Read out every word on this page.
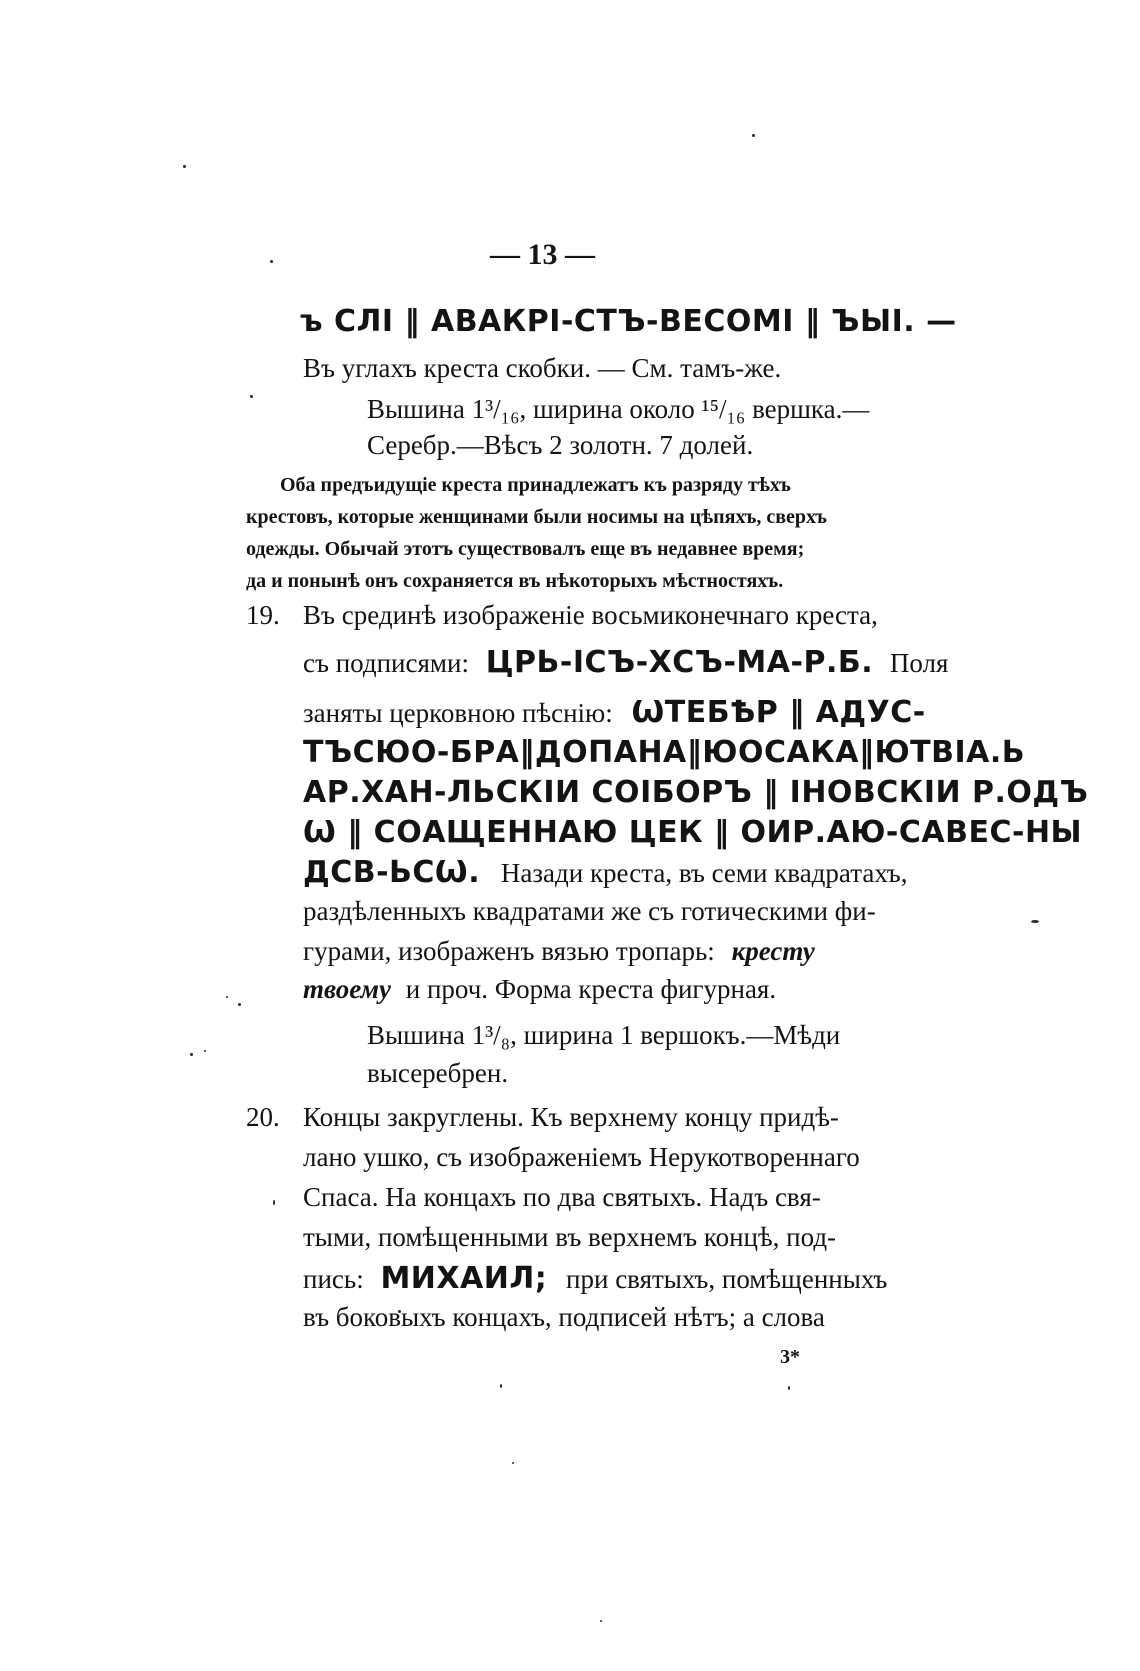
— 13 —
ъ СЛI ‖ АВАКРI-СТЪ-ВЕСОМI ‖ ЪЫI. —
Въ углахъ креста скобки. — См. тамъ-же.
Вышина 1³/₁₆, ширина около ¹⁵/₁₆ вершка.—
Серебр.—Вѣсъ 2 золотн. 7 долей.
Оба предъидущіе креста принадлежатъ къ разряду тѣхъ
крестовъ, которые женщинами были носимы на цѣпяхъ, сверхъ
одежды. Обычай этотъ существовалъ еще въ недавнее время;
да и понынѣ онъ сохраняется въ нѣкоторыхъ мѣстностяхъ.
19. Въ срединѣ изображеніе восьмиконечнаго креста,
съ подписями: ЦРЬ-IСЪ-ХСЪ-МА-Р.Б. Поля
заняты церковною пѣснію: ѠТЕБѢР ‖ АДУС-
ТЪСЮО-БРА‖ДОПАНА‖ЮОСАКА‖ЮТВIА.Ь
АР.ХАН-ЛЬСКIИ СОIБОРЪ ‖ IНОВСКIИ Р.ОДЪ
Ѡ ‖ СОАЩЕННАЮ ЦЕК ‖ ОИР.АЮ-САВЕС-НЫ
ДСВ-ЬСѠ. Назади креста, въ семи квадратахъ,
раздѣленныхъ квадратами же съ готическими фи-
гурами, изображенъ вязью тропарь: кресту
твоему и проч. Форма креста фигурная.
Вышина 1³/₈, ширина 1 вершокъ.—Мѣди
высеребрен.
20. Концы закруглены. Къ верхнему концу придѣ-
лано ушко, съ изображеніемъ Нерукотвореннаго
Спаса. На концахъ по два святыхъ. Надъ свя-
тыми, помѣщенными въ верхнемъ концѣ, под-
пись: МИХАИЛ; при святыхъ, помѣщенныхъ
въ боковыхъ концахъ, подписей нѣтъ; а слова
3*
